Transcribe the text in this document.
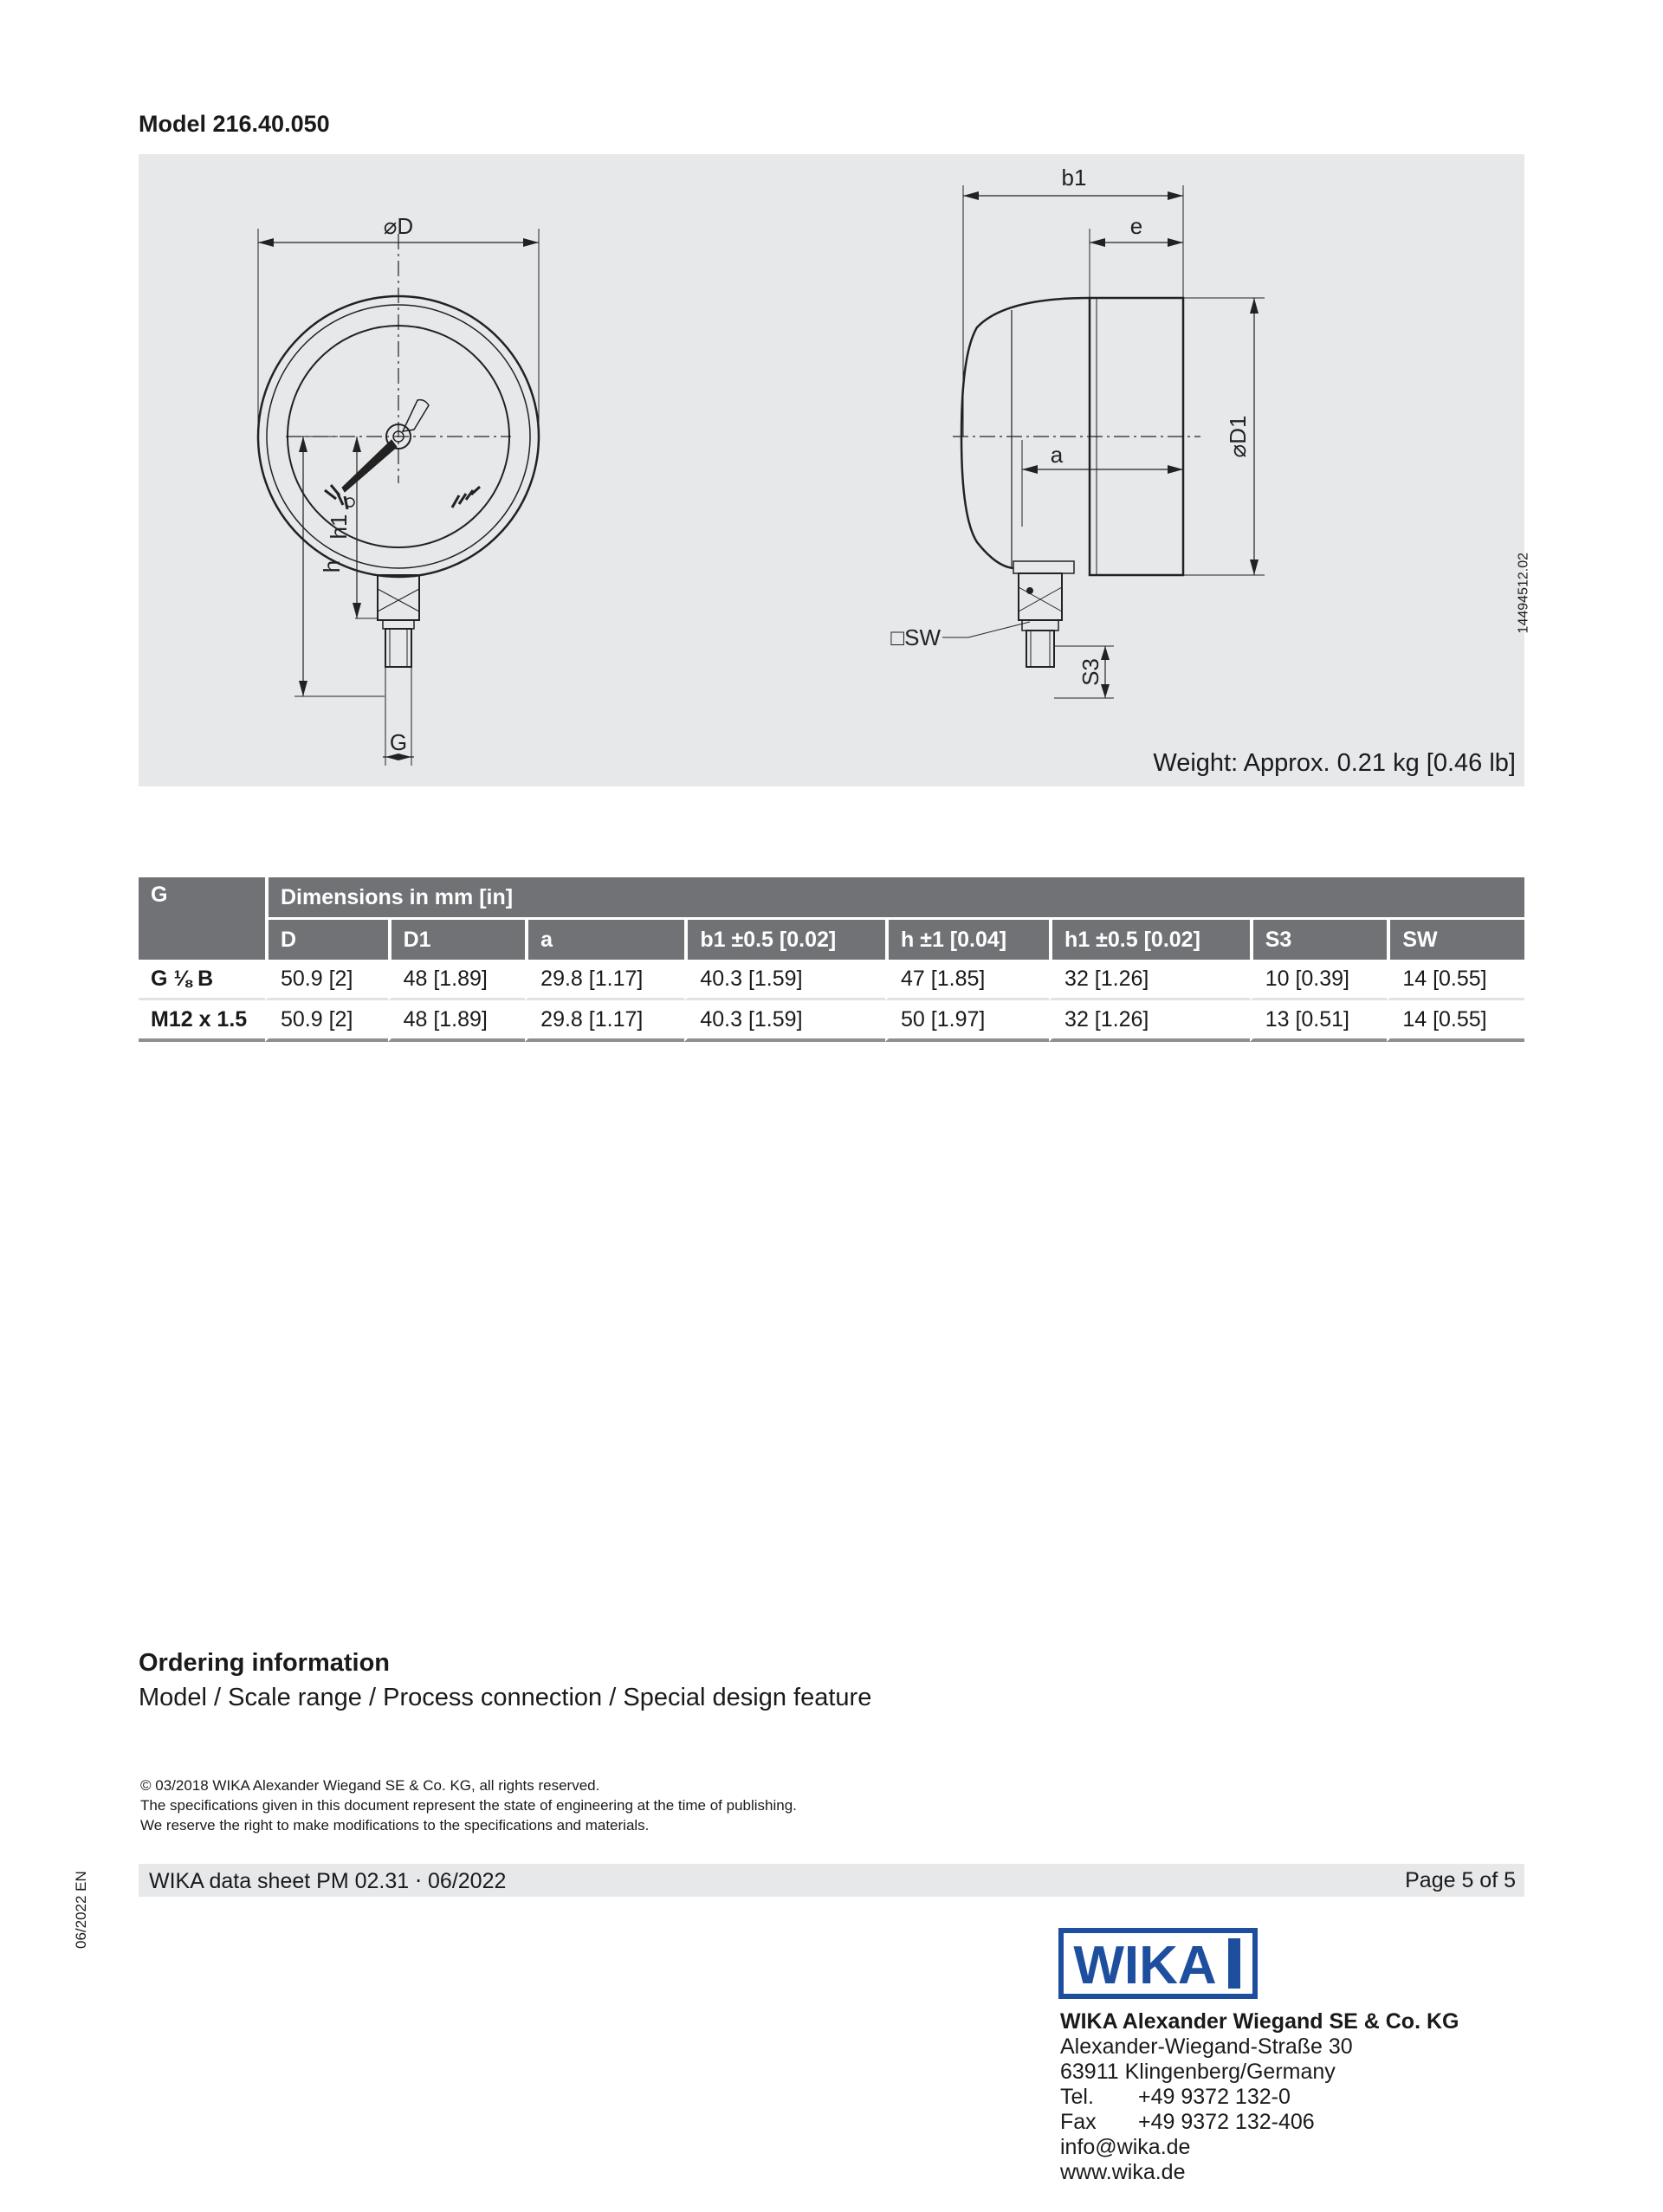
Model 216.40.050
⌀D
b1
e
a	⌀D1
h1
h
G
□SW
S3
14494512.02
Weight: Approx. 0.21 kg [0.46 lb]
G	Dimensions in mm [in]							
	D	D1	a	b1 ±0.5 [0.02]	h ±1 [0.04]	h1 ±0.5 [0.02]	S3	SW
G ⅛ B	50.9 [2]	48 [1.89]	29.8 [1.17]	40.3 [1.59]	47 [1.85]	32 [1.26]	10 [0.39]	14 [0.55]
M12 x 1.5	50.9 [2]	48 [1.89]	29.8 [1.17]	40.3 [1.59]	50 [1.97]	32 [1.26]	13 [0.51]	14 [0.55]
Ordering information
Model / Scale range / Process connection / Special design feature
© 03/2018 WIKA Alexander Wiegand SE & Co. KG, all rights reserved.
The specifications given in this document represent the state of engineering at the time of publishing.
We reserve the right to make modifications to the specifications and materials.
WIKA data sheet PM 02.31 ⋅ 06/2022	Page 5 of 5
06/2022 EN
WIKA
WIKA Alexander Wiegand SE & Co. KG
Alexander-Wiegand-Straße 30
63911 Klingenberg/Germany
Tel.	+49 9372 132-0
Fax	+49 9372 132-406
info@wika.de
www.wika.de
